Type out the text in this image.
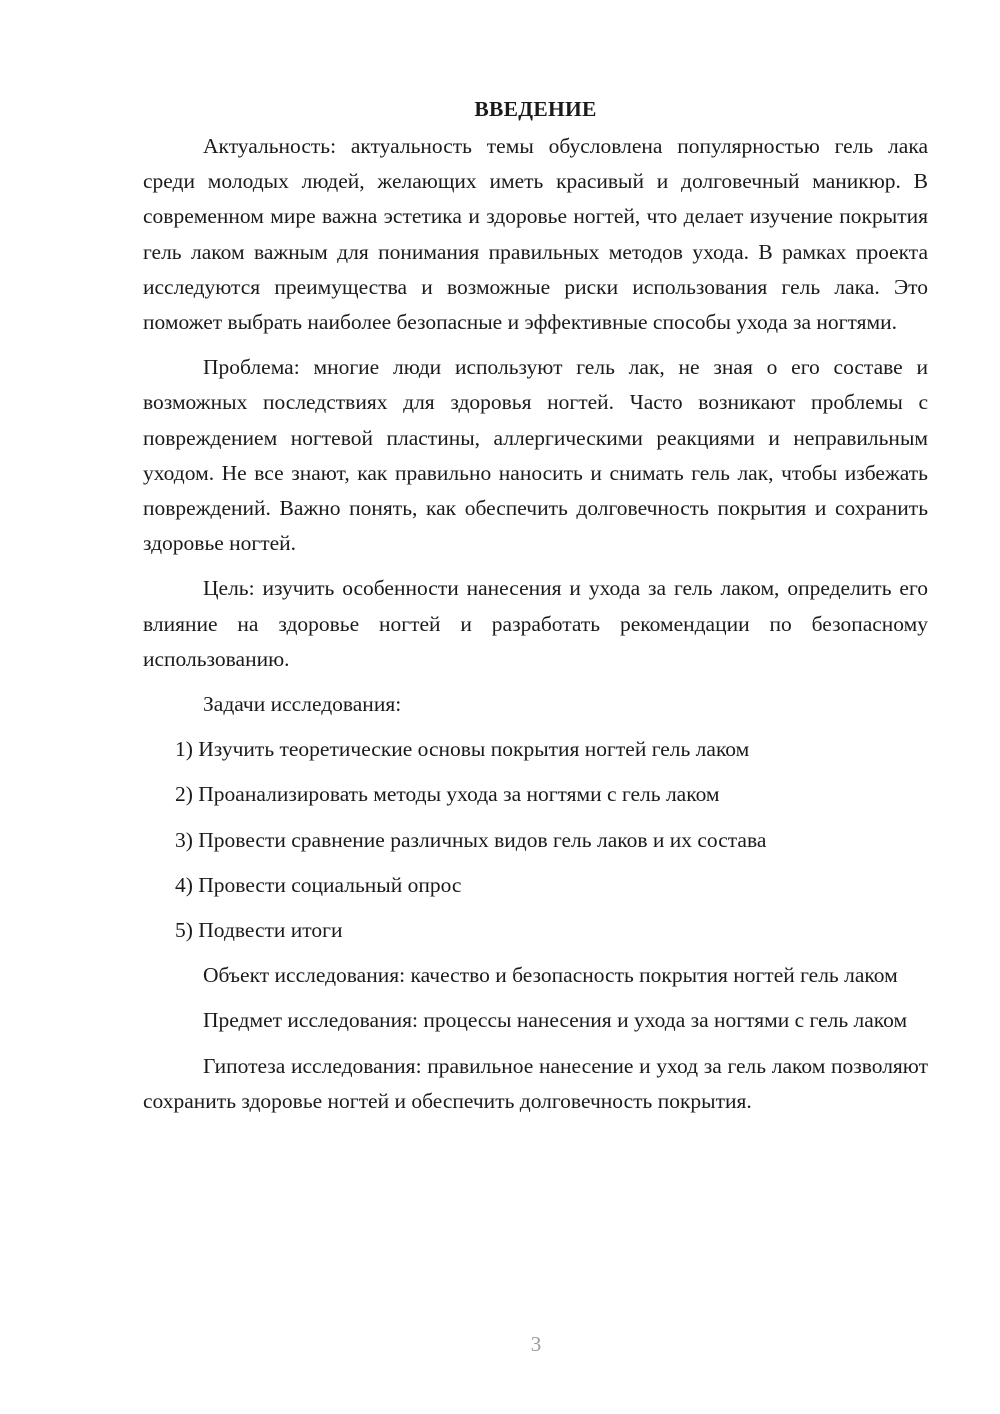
ВВЕДЕНИЕ

Актуальность: актуальность темы обусловлена популярностью гель лака среди молодых людей, желающих иметь красивый и долговечный маникюр. В современном мире важна эстетика и здоровье ногтей, что делает изучение покрытия гель лаком важным для понимания правильных методов ухода. В рамках проекта исследуются преимущества и возможные риски использования гель лака. Это поможет выбрать наиболее безопасные и эффективные способы ухода за ногтями.

Проблема: многие люди используют гель лак, не зная о его составе и возможных последствиях для здоровья ногтей. Часто возникают проблемы с повреждением ногтевой пластины, аллергическими реакциями и неправильным уходом. Не все знают, как правильно наносить и снимать гель лак, чтобы избежать повреждений. Важно понять, как обеспечить долговечность покрытия и сохранить здоровье ногтей.

Цель: изучить особенности нанесения и ухода за гель лаком, определить его влияние на здоровье ногтей и разработать рекомендации по безопасному использованию.

Задачи исследования:

1) Изучить теоретические основы покрытия ногтей гель лаком
2) Проанализировать методы ухода за ногтями с гель лаком
3) Провести сравнение различных видов гель лаков и их состава
4) Провести социальный опрос
5) Подвести итоги

Объект исследования: качество и безопасность покрытия ногтей гель лаком

Предмет исследования: процессы нанесения и ухода за ногтями с гель лаком

Гипотеза исследования: правильное нанесение и уход за гель лаком позволяют сохранить здоровье ногтей и обеспечить долговечность покрытия.

3
